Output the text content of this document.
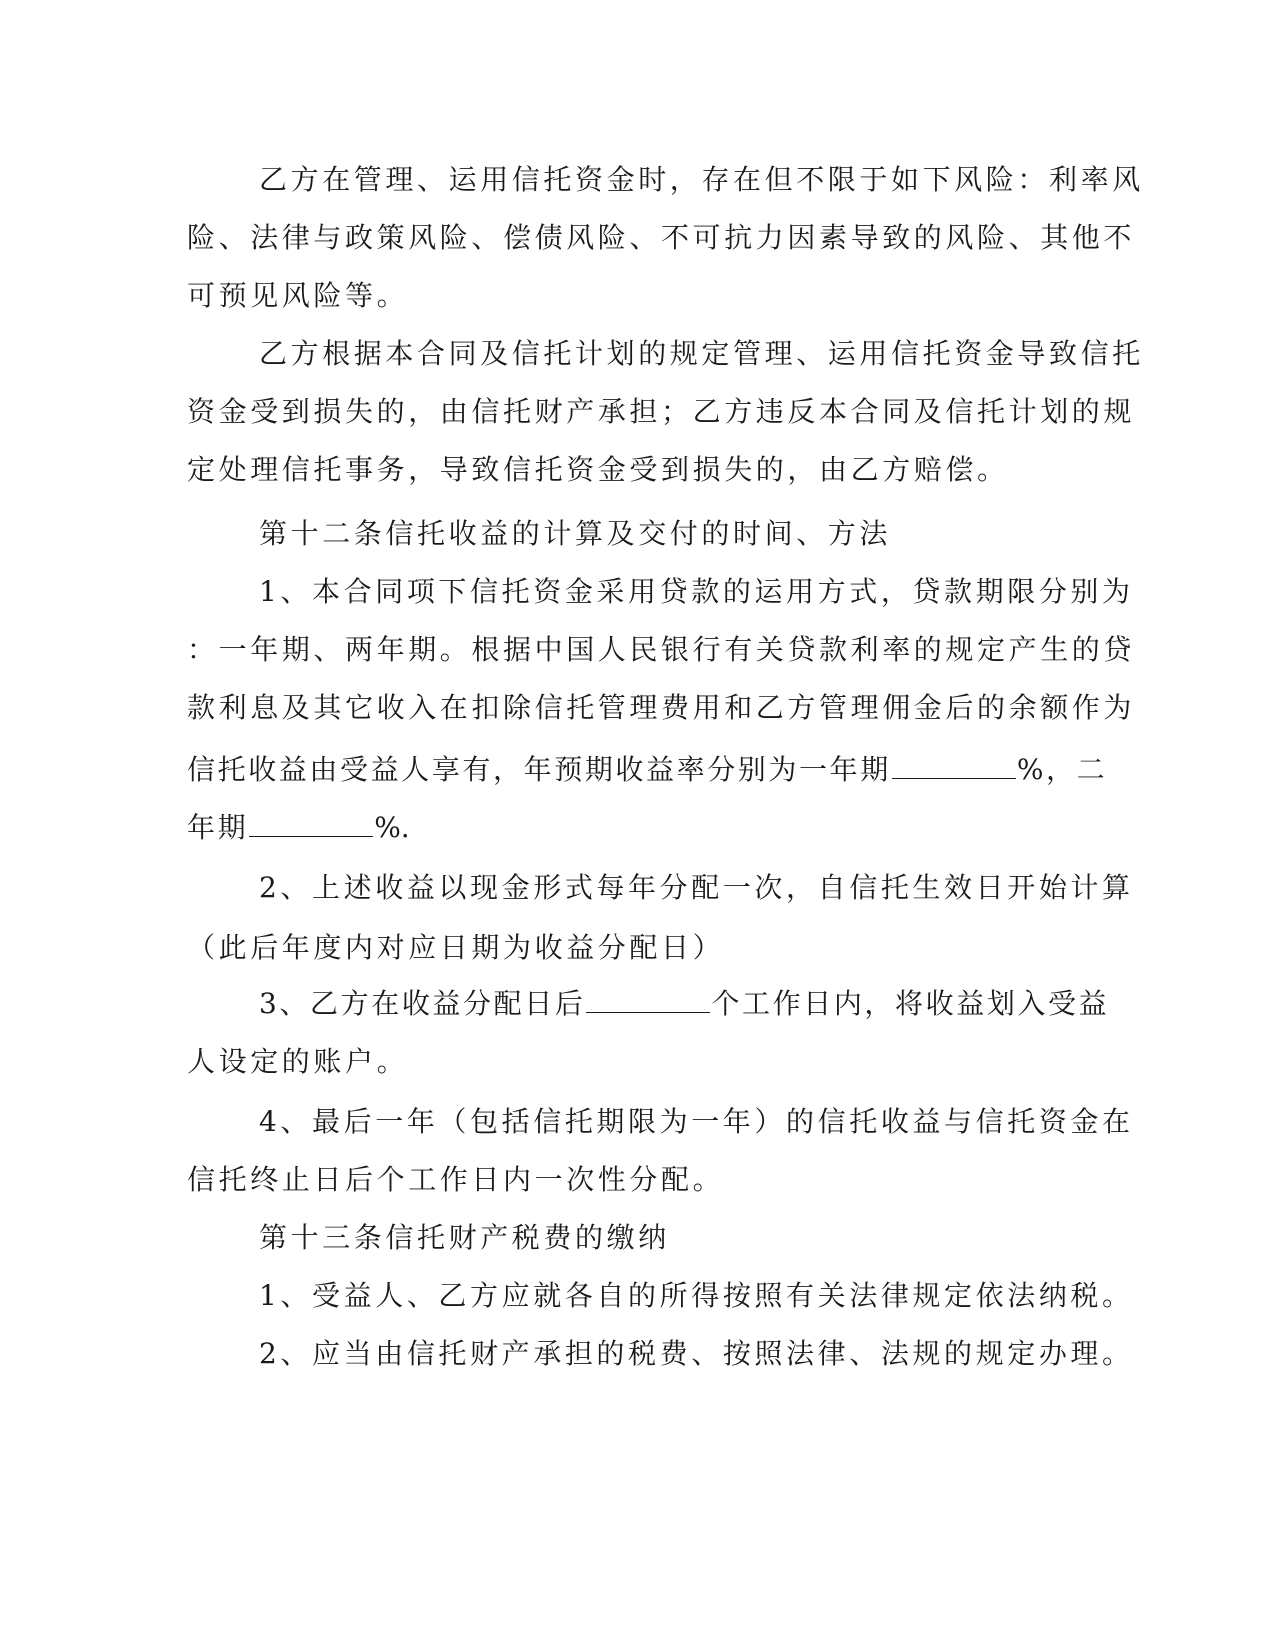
乙方在管理、运用信托资金时，存在但不限于如下风险：利率风
险、法律与政策风险、偿债风险、不可抗力因素导致的风险、其他不
可预见风险等。
乙方根据本合同及信托计划的规定管理、运用信托资金导致信托
资金受到损失的，由信托财产承担；乙方违反本合同及信托计划的规
定处理信托事务，导致信托资金受到损失的，由乙方赔偿。
第十二条信托收益的计算及交付的时间、方法
1、本合同项下信托资金采用贷款的运用方式，贷款期限分别为
：一年期、两年期。根据中国人民银行有关贷款利率的规定产生的贷
款利息及其它收入在扣除信托管理费用和乙方管理佣金后的余额作为
信托收益由受益人享有，年预期收益率分别为一年期	%，二
年期	%.
2、上述收益以现金形式每年分配一次，自信托生效日开始计算
（此后年度内对应日期为收益分配日）
3、乙方在收益分配日后	个工作日内，将收益划入受益
人设定的账户。
4、最后一年（包括信托期限为一年）的信托收益与信托资金在
信托终止日后个工作日内一次性分配。
第十三条信托财产税费的缴纳
1、受益人、乙方应就各自的所得按照有关法律规定依法纳税。
2、应当由信托财产承担的税费、按照法律、法规的规定办理。
